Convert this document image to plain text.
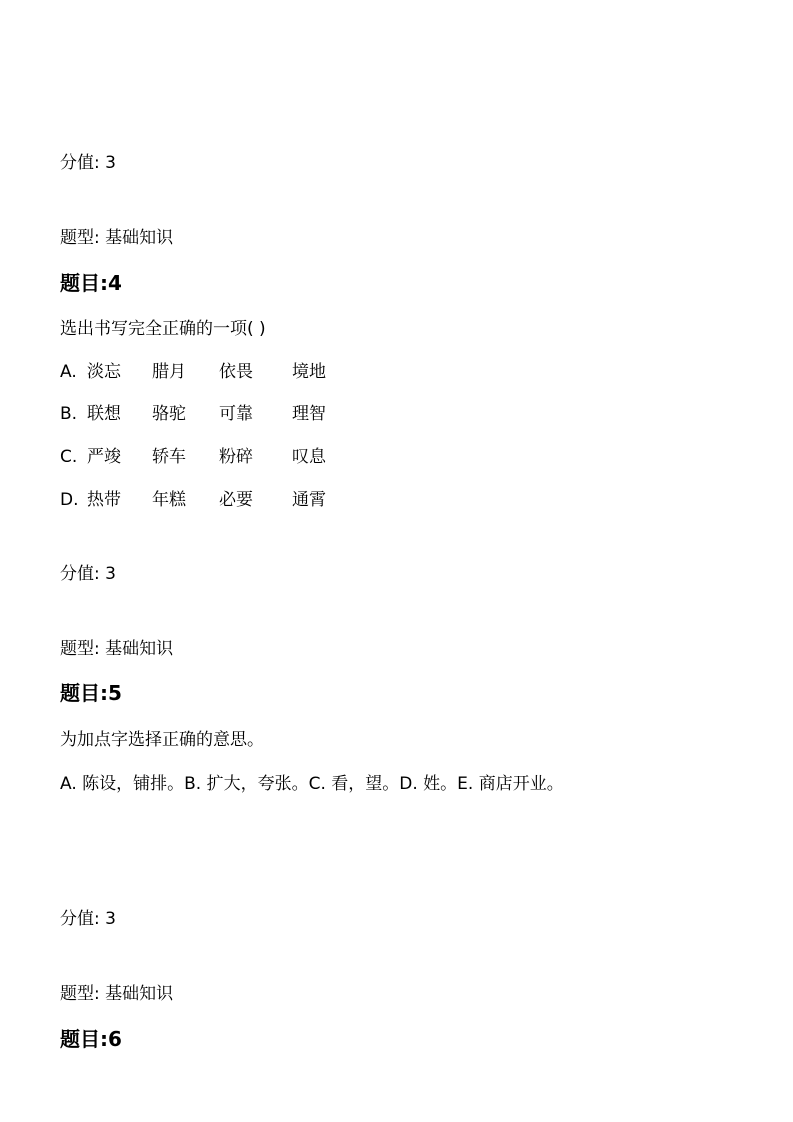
分值: 3
题型: 基础知识
题目:4
选出书写完全正确的一项( )
A. 淡忘 腊月 依畏 境地
B. 联想 骆驼 可靠 理智
C. 严竣 轿车 粉碎 叹息
D. 热带 年糕 必要 通霄
分值: 3
题型: 基础知识
题目:5
为加点字选择正确的意思。
A. 陈设，铺排。B. 扩大，夸张。C. 看，望。D. 姓。E. 商店开业。
分值: 3
题型: 基础知识
题目:6
